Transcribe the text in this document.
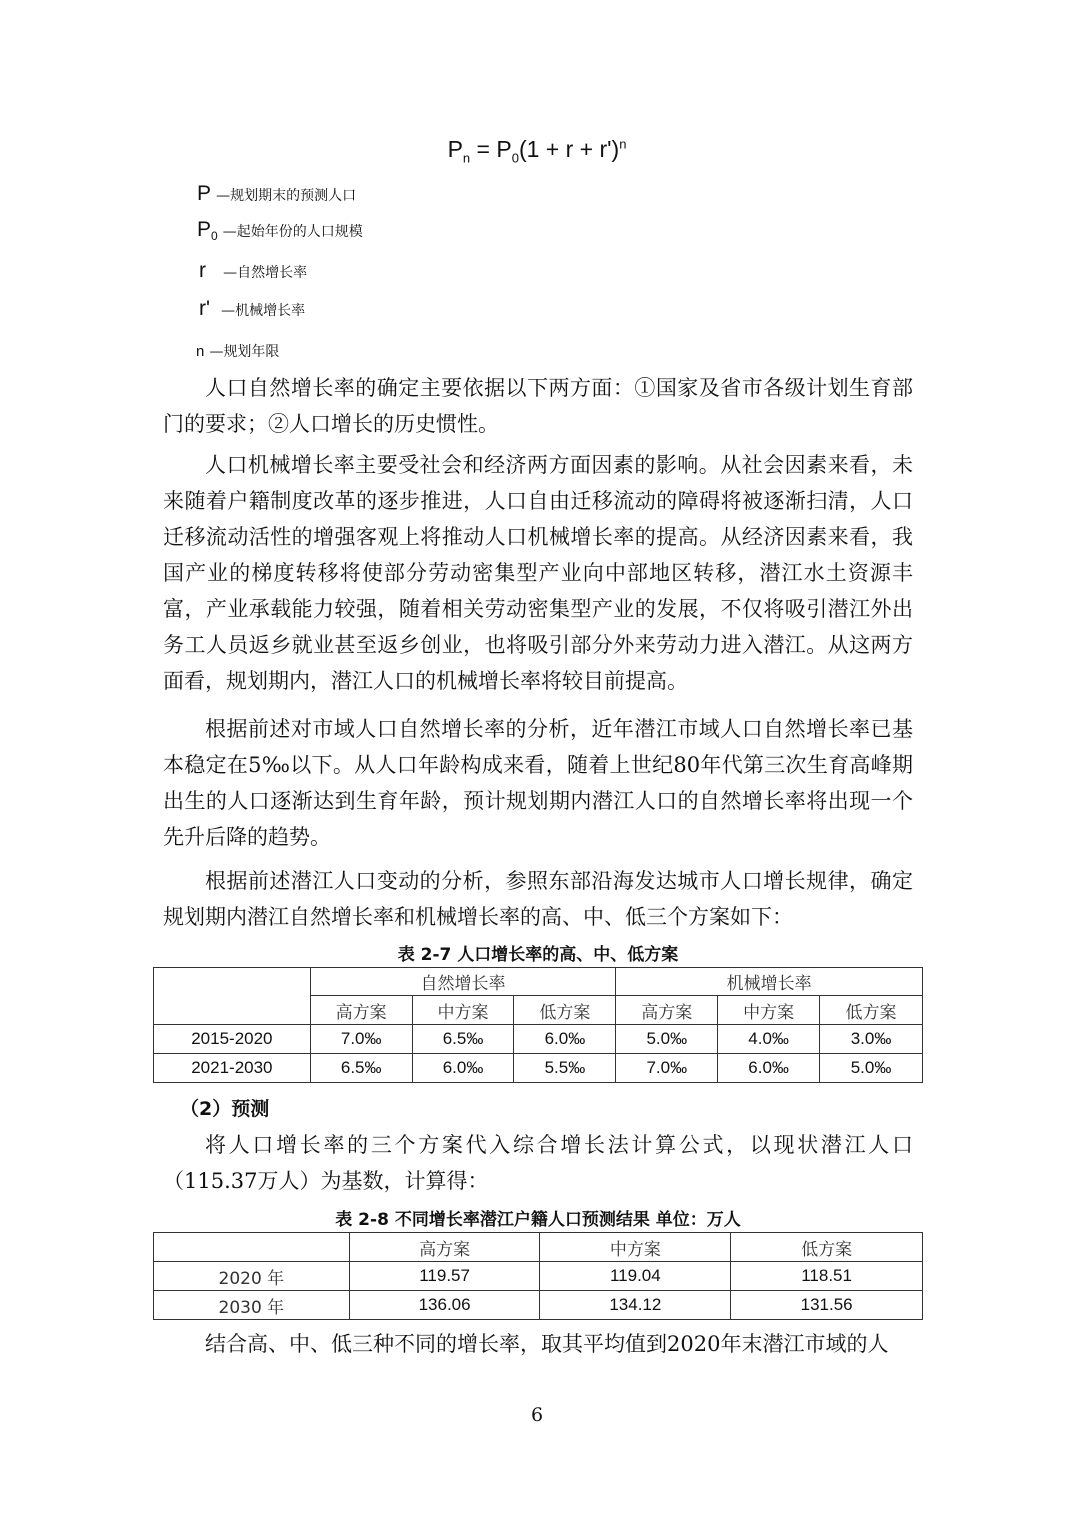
$P_n = P_0(1 + r + r')^n$
P —规划期末的预测人口
$P_0$ —起始年份的人口规模
r —自然增长率
r' —机械增长率
n —规划年限

人口自然增长率的确定主要依据以下两方面：①国家及省市各级计划生育部门的要求；②人口增长的历史惯性。

人口机械增长率主要受社会和经济两方面因素的影响。从社会因素来看，未来随着户籍制度改革的逐步推进，人口自由迁移流动的障碍将被逐渐扫清，人口迁移流动活性的增强客观上将推动人口机械增长率的提高。从经济因素来看，我国产业的梯度转移将使部分劳动密集型产业向中部地区转移，潜江水土资源丰富，产业承载能力较强，随着相关劳动密集型产业的发展，不仅将吸引潜江外出务工人员返乡就业甚至返乡创业，也将吸引部分外来劳动力进入潜江。从这两方面看，规划期内，潜江人口的机械增长率将较目前提高。

根据前述对市域人口自然增长率的分析，近年潜江市域人口自然增长率已基本稳定在5‰以下。从人口年龄构成来看，随着上世纪80年代第三次生育高峰期出生的人口逐渐达到生育年龄，预计规划期内潜江人口的自然增长率将出现一个先升后降的趋势。

根据前述潜江人口变动的分析，参照东部沿海发达城市人口增长规律，确定规划期内潜江自然增长率和机械增长率的高、中、低三个方案如下：

表 2-7 人口增长率的高、中、低方案
	自然增长率			机械增长率		
	高方案	中方案	低方案	高方案	中方案	低方案
2015-2020	7.0‰	6.5‰	6.0‰	5.0‰	4.0‰	3.0‰
2021-2030	6.5‰	6.0‰	5.5‰	7.0‰	6.0‰	5.0‰
（2）预测

将人口增长率的三个方案代入综合增长法计算公式，以现状潜江人口（115.37万人）为基数，计算得：

表 2-8 不同增长率潜江户籍人口预测结果 单位：万人
	高方案	中方案	低方案
2020 年	119.57	119.04	118.51
2030 年	136.06	134.12	131.56

结合高、中、低三种不同的增长率，取其平均值到2020年末潜江市域的人

6
